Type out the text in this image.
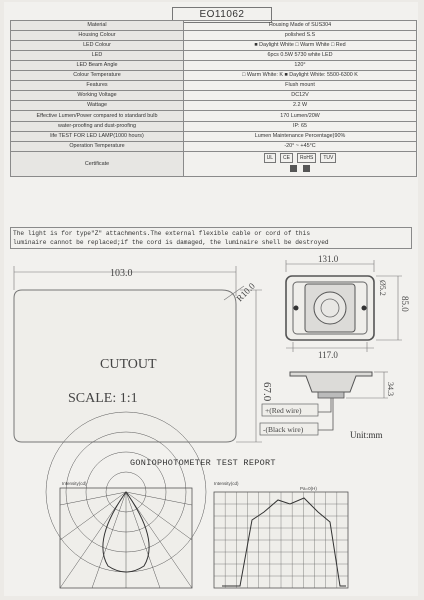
EO11062
Material	Housing Made of SUS304
Housing Colour	polished S.S
LED Colour	■ Daylight White □ Warm White □ Red
LED	6pcs 0.5W 5730 white LED
LED Beam Angle	120°
Colour Temperature	□ Warm White: K ■ Daylight White: 5500-6300 K
Features	Flush mount
Working Voltage	DC12V
Wattage	2.2 W
Effective Lumen/Power compared to standard bulb	170 Lumen/20W
water-proofing and dust-proofing	IP: 65
life TEST FOR LED LAMP(1000 hours)	Lumen Maintenance Percentage)90%
Operation Temperature	-20° ~ +45°C
Certificate	UL CE RoHS TUV
The light is for type"Z" attachments.The external flexible cable or cord of this
luminaire cannot be replaced;if the cord is damaged, the luminaire shell be destroyed
103.0
R10.0
67.0
CUTOUT
SCALE: 1:1
131.0
117.0
85.0
Ø5.2
34.3
+(Red wire)
-(Black wire)
Intensity(cd)	Intensity(cd)
Pa=0(H)
Unit:mm
GONIOPHOTOMETER TEST REPORT
